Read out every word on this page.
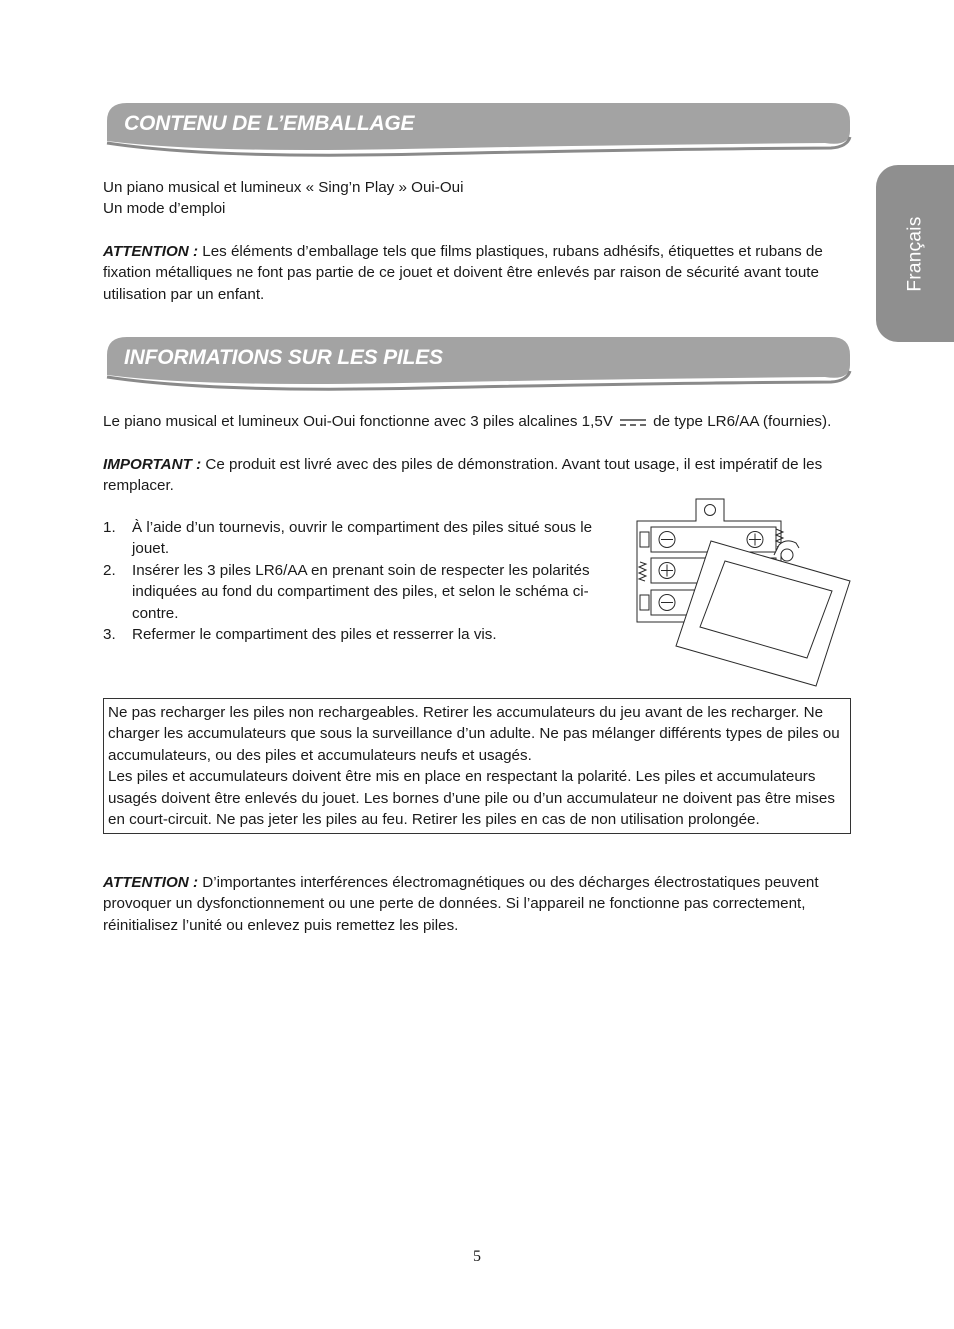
Français
CONTENU DE L’EMBALLAGE

Un piano musical et lumineux « Sing’n Play » Oui-Oui
Un mode d’emploi

ATTENTION : Les éléments d’emballage tels que films plastiques, rubans adhésifs, étiquettes et rubans de fixation métalliques ne font pas partie de ce jouet et doivent être enlevés par raison de sécurité avant toute utilisation par un enfant.

INFORMATIONS SUR LES PILES

Le piano musical et lumineux Oui-Oui fonctionne avec 3 piles alcalines 1,5V	de type LR6/AA (fournies).

IMPORTANT : Ce produit est livré avec des piles de démonstration. Avant tout usage, il est impératif de les remplacer.

1. À l’aide d’un tournevis, ouvrir le compartiment des piles situé sous le jouet.
2. Insérer les 3 piles LR6/AA en prenant soin de respecter les polarités indiquées au fond du compartiment des piles, et selon le schéma ci-contre.
3. Refermer le compartiment des piles et resserrer la vis.
Ne pas recharger les piles non rechargeables. Retirer les accumulateurs du jeu avant de les recharger. Ne charger les accumulateurs que sous la surveillance d’un adulte. Ne pas mélanger différents types de piles ou accumulateurs, ou des piles et accumulateurs neufs et usagés.
Les piles et accumulateurs doivent être mis en place en respectant la polarité. Les piles et accumulateurs usagés doivent être enlevés du jouet. Les bornes d’une pile ou d’un accumulateur ne doivent pas être mises en court-circuit. Ne pas jeter les piles au feu. Retirer les piles en cas de non utilisation prolongée.

ATTENTION : D’importantes interférences électromagnétiques ou des décharges électrostatiques peuvent provoquer un dysfonctionnement ou une perte de données. Si l’appareil ne fonctionne pas correctement, réinitialisez l’unité ou enlevez puis remettez les piles.

5
